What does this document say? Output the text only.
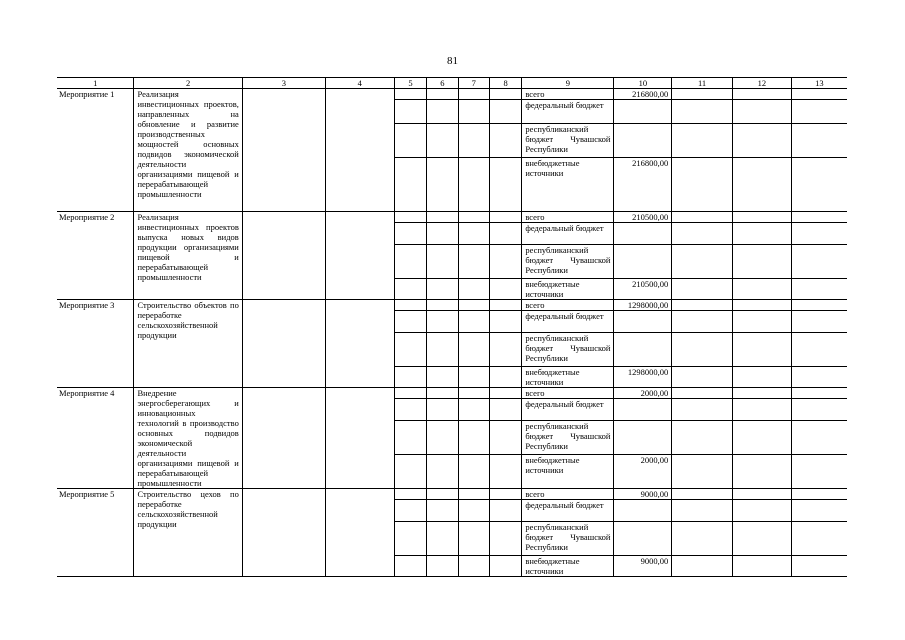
81
1	2	3	4	5	6	7	8	9	10	11	12	13
Мероприятие 1	Реализация инвестиционных проектов, направленных на обновление и развитие производственных мощностей основных подвидов экономической деятельности организациями пищевой и перерабатывающей промышленности							всего	216800,00			
								федеральный бюджет				
								республиканский бюджет Чувашской Республики				
								внебюджетные источники	216800,00			
Мероприятие 2	Реализация инвестиционных проектов выпуска новых видов продукции организациями пищевой и перерабатывающей промышленности							всего	210500,00			
								федеральный бюджет				
								республиканский бюджет Чувашской Республики				
								внебюджетные источники	210500,00			
Мероприятие 3	Строительство объектов по переработке сельскохозяйственной продукции							всего	1298000,00			
								федеральный бюджет				
								республиканский бюджет Чувашской Республики				
								внебюджетные источники	1298000,00			
Мероприятие 4	Внедрение энергосберегающих и инновационных технологий в производство основных подвидов экономической деятельности организациями пищевой и перерабатывающей промышленности							всего	2000,00			
								федеральный бюджет				
								республиканский бюджет Чувашской Республики				
								внебюджетные источники	2000,00			
Мероприятие 5	Строительство цехов по переработке сельскохозяйственной продукции							всего	9000,00			
								федеральный бюджет				
								республиканский бюджет Чувашской Республики				
								внебюджетные источники	9000,00			
